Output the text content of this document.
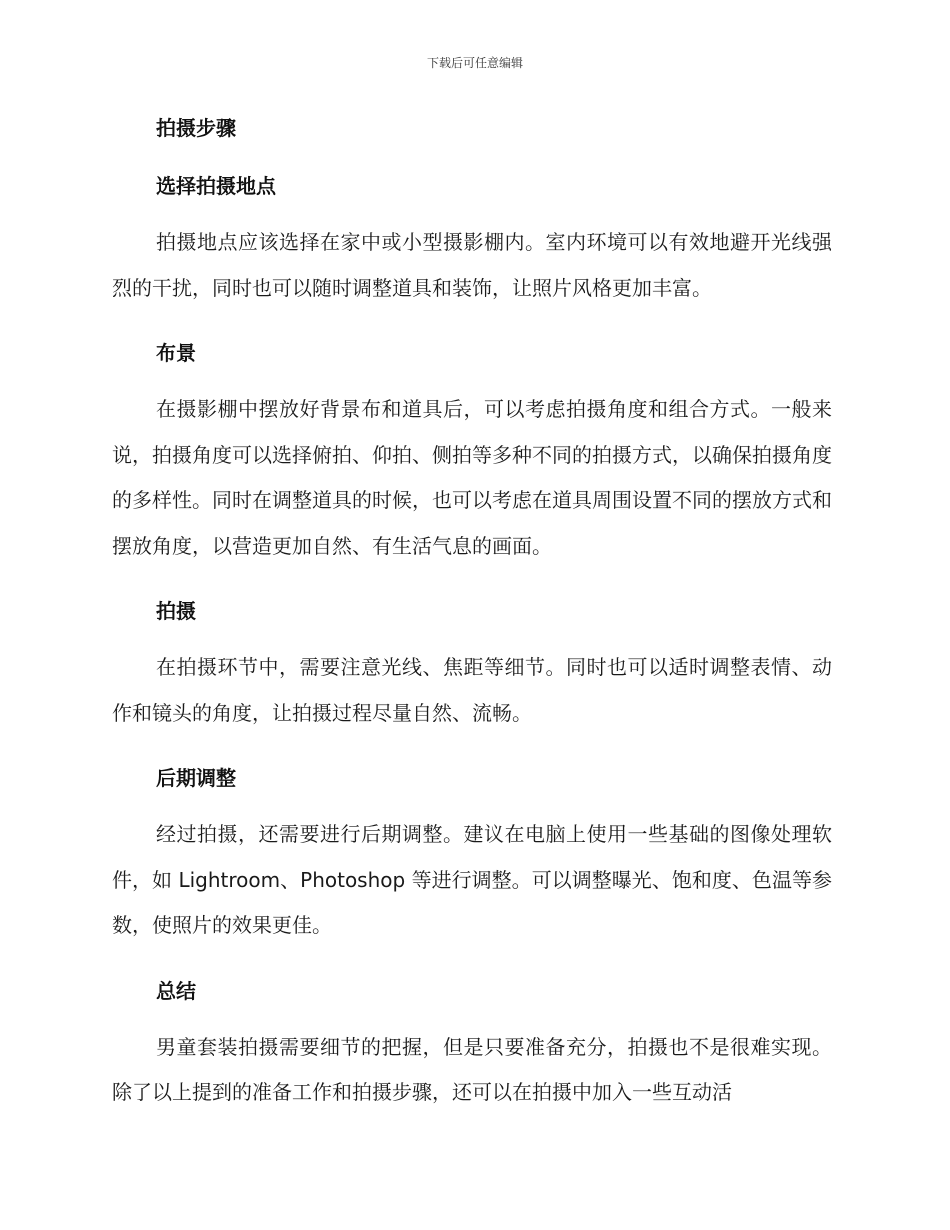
下载后可任意编辑
拍摄步骤
选择拍摄地点

拍摄地点应该选择在家中或小型摄影棚内。室内环境可以有效地避开光线强烈的干扰，同时也可以随时调整道具和装饰，让照片风格更加丰富。

布景

在摄影棚中摆放好背景布和道具后，可以考虑拍摄角度和组合方式。一般来说，拍摄角度可以选择俯拍、仰拍、侧拍等多种不同的拍摄方式，以确保拍摄角度的多样性。同时在调整道具的时候，也可以考虑在道具周围设置不同的摆放方式和摆放角度，以营造更加自然、有生活气息的画面。

拍摄

在拍摄环节中，需要注意光线、焦距等细节。同时也可以适时调整表情、动作和镜头的角度，让拍摄过程尽量自然、流畅。

后期调整

经过拍摄，还需要进行后期调整。建议在电脑上使用一些基础的图像处理软件，如 Lightroom、Photoshop 等进行调整。可以调整曝光、饱和度、色温等参数，使照片的效果更佳。

总结

男童套装拍摄需要细节的把握，但是只要准备充分，拍摄也不是很难实现。除了以上提到的准备工作和拍摄步骤，还可以在拍摄中加入一些互动活
